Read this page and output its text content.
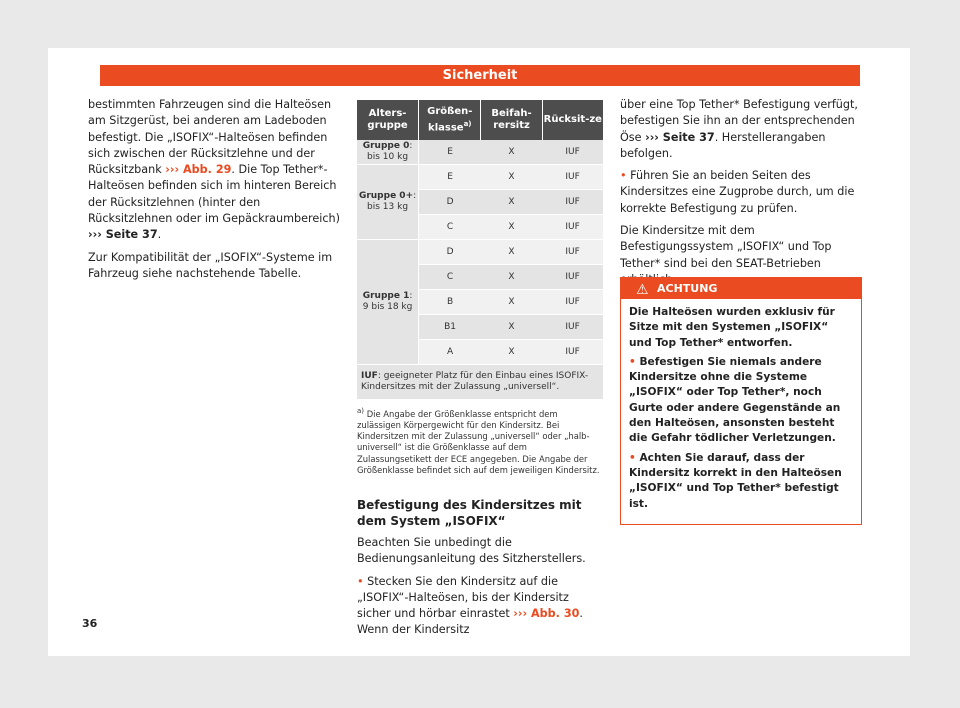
Sicherheit

bestimmten Fahrzeugen sind die Halteösen am Sitzgerüst, bei anderen am Ladeboden befestigt. Die „ISOFIX“-Halteösen befinden sich zwischen der Rücksitzlehne und der Rücksitzbank ››› Abb. 29. Die Top Tether*-Halteösen befinden sich im hinteren Bereich der Rücksitzlehnen (hinter den Rücksitzlehnen oder im Gepäckraumbereich) ››› Seite 37.

Zur Kompatibilität der „ISOFIX“-Systeme im Fahrzeug siehe nachstehende Tabelle.

Alters-gruppe	Größen-klasse$^{a)}$	Beifah-rersitz	Rücksit-ze
Gruppe 0:
bis 10 kg	E	X	IUF
Gruppe 0+:
bis 13 kg	E	X	IUF
	D	X	IUF
	C	X	IUF
Gruppe 1:
9 bis 18 kg	D	X	IUF
	C	X	IUF
	B	X	IUF
	B1	X	IUF
	A	X	IUF
IUF: geeigneter Platz für den Einbau eines ISOFIX-Kindersitzes mit der Zulassung „universell“.			
$^{a)}$ Die Angabe der Größenklasse entspricht dem zulässigen Körpergewicht für den Kindersitz. Bei Kindersitzen mit der Zulassung „universell“ oder „halb-universell“ ist die Größenklasse auf dem Zulassungsetikett der ECE angegeben. Die Angabe der Größenklasse befindet sich auf dem jeweiligen Kindersitz.

Befestigung des Kindersitzes mit dem System „ISOFIX“

Beachten Sie unbedingt die Bedienungsanleitung des Sitzherstellers.

• Stecken Sie den Kindersitz auf die „ISOFIX“-Halteösen, bis der Kindersitz sicher und hörbar einrastet ››› Abb. 30. Wenn der Kindersitz

über eine Top Tether* Befestigung verfügt, befestigen Sie ihn an der entsprechenden Öse ››› Seite 37. Herstellerangaben befolgen.

• Führen Sie an beiden Seiten des Kindersitzes eine Zugprobe durch, um die korrekte Befestigung zu prüfen.

Die Kindersitze mit dem Befestigungssystem „ISOFIX“ und Top Tether* sind bei den SEAT-Betrieben

⚠ ACHTUNG

Die Halteösen wurden exklusiv für Sitze mit den Systemen „ISOFIX“ und Top Tether* entworfen.

• Befestigen Sie niemals andere Kindersitze ohne die Systeme „ISOFIX“ oder Top Tether*, noch Gurte oder andere Gegenstände an den Halteösen, ansonsten besteht die Gefahr tödlicher Verletzungen.

• Achten Sie darauf, dass der Kindersitz korrekt in den Halteösen „ISOFIX“ und Top Tether* befestigt ist.

36
